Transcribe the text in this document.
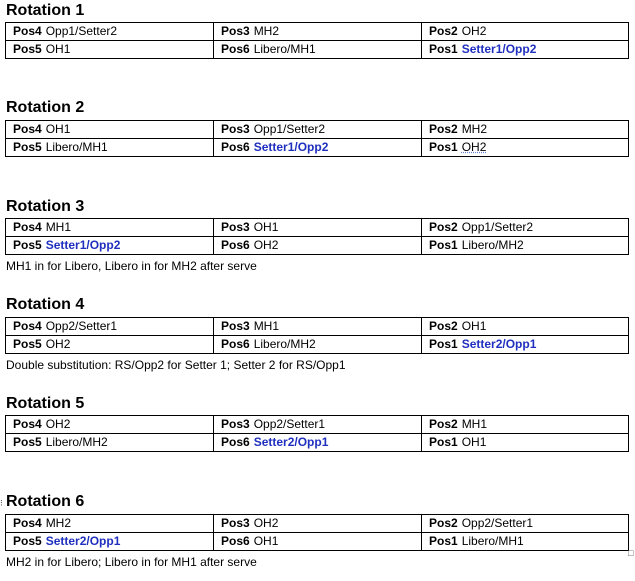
Rotation 1
Pos4 Opp1/Setter2	Pos3 MH2	Pos2 OH2
Pos5 OH1	Pos6 Libero/MH1	Pos1 Setter1/Opp2
Rotation 2
Pos4 OH1	Pos3 Opp1/Setter2	Pos2 MH2
Pos5 Libero/MH1	Pos6 Setter1/Opp2	Pos1 OH2
Rotation 3
Pos4 MH1	Pos3 OH1	Pos2 Opp1/Setter2
Pos5 Setter1/Opp2	Pos6 OH2	Pos1 Libero/MH2

MH1 in for Libero, Libero in for MH2 after serve

Rotation 4
Pos4 Opp2/Setter1	Pos3 MH1	Pos2 OH1
Pos5 OH2	Pos6 Libero/MH2	Pos1 Setter2/Opp1

Double substitution: RS/Opp2 for Setter 1; Setter 2 for RS/Opp1

Rotation 5
Pos4 OH2	Pos3 Opp2/Setter1	Pos2 MH1
Pos5 Libero/MH2	Pos6 Setter2/Opp1	Pos1 OH1
⁝ Rotation 6
Pos4 MH2	Pos3 OH2	Pos2 Opp2/Setter1
Pos5 Setter2/Opp1	Pos6 OH1	Pos1 Libero/MH1
□

MH2 in for Libero; Libero in for MH1 after serve
